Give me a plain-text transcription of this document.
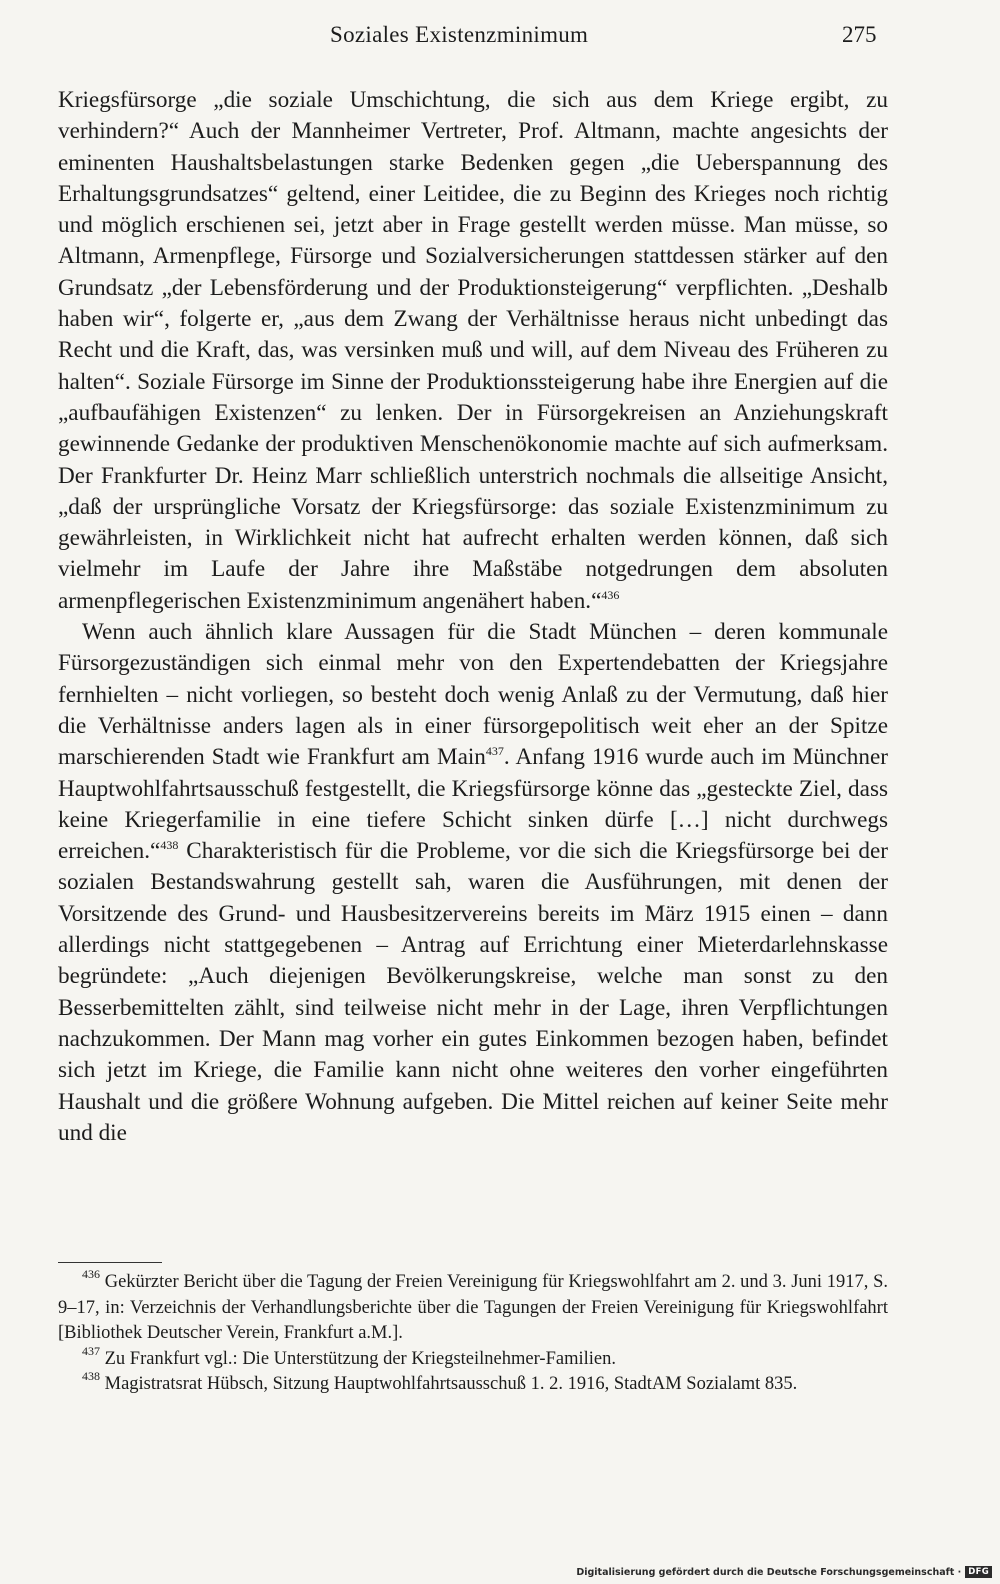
Soziales Existenzminimum	275

Kriegsfürsorge „die soziale Umschichtung, die sich aus dem Kriege ergibt, zu verhindern?“ Auch der Mannheimer Vertreter, Prof. Altmann, machte angesichts der eminenten Haushaltsbelastungen starke Bedenken gegen „die Ueberspannung des Erhaltungsgrundsatzes“ geltend, einer Leitidee, die zu Beginn des Krieges noch richtig und möglich erschienen sei, jetzt aber in Frage gestellt werden müsse. Man müsse, so Altmann, Armenpflege, Fürsorge und Sozialversicherungen stattdessen stärker auf den Grundsatz „der Lebensförderung und der Produktionsteigerung“ verpflichten. „Deshalb haben wir“, folgerte er, „aus dem Zwang der Verhältnisse heraus nicht unbedingt das Recht und die Kraft, das, was versinken muß und will, auf dem Niveau des Früheren zu halten“. Soziale Fürsorge im Sinne der Produktionssteigerung habe ihre Energien auf die „aufbaufähigen Existenzen“ zu lenken. Der in Fürsorgekreisen an Anziehungskraft gewinnende Gedanke der produktiven Menschenökonomie machte auf sich aufmerksam. Der Frankfurter Dr. Heinz Marr schließlich unterstrich nochmals die allseitige Ansicht, „daß der ursprüngliche Vorsatz der Kriegsfürsorge: das soziale Existenzminimum zu gewährleisten, in Wirklichkeit nicht hat aufrecht erhalten werden können, daß sich vielmehr im Laufe der Jahre ihre Maßstäbe notgedrungen dem absoluten armenpflegerischen Existenzminimum angenähert haben.“$^{436}$

Wenn auch ähnlich klare Aussagen für die Stadt München – deren kommunale Fürsorgezuständigen sich einmal mehr von den Expertendebatten der Kriegsjahre fernhielten – nicht vorliegen, so besteht doch wenig Anlaß zu der Vermutung, daß hier die Verhältnisse anders lagen als in einer fürsorgepolitisch weit eher an der Spitze marschierenden Stadt wie Frankfurt am Main$^{437}$. Anfang 1916 wurde auch im Münchner Hauptwohlfahrtsausschuß festgestellt, die Kriegsfürsorge könne das „gesteckte Ziel, dass keine Kriegerfamilie in eine tiefere Schicht sinken dürfe […] nicht durchwegs erreichen.“$^{438}$ Charakteristisch für die Probleme, vor die sich die Kriegsfürsorge bei der sozialen Bestandswahrung gestellt sah, waren die Ausführungen, mit denen der Vorsitzende des Grund- und Hausbesitzervereins bereits im März 1915 einen – dann allerdings nicht stattgegebenen – Antrag auf Errichtung einer Mieterdarlehnskasse begründete: „Auch diejenigen Bevölkerungskreise, welche man sonst zu den Besserbemittelten zählt, sind teilweise nicht mehr in der Lage, ihren Verpflichtungen nachzukommen. Der Mann mag vorher ein gutes Einkommen bezogen haben, befindet sich jetzt im Kriege, die Familie kann nicht ohne weiteres den vorher eingeführten Haushalt und die größere Wohnung aufgeben. Die Mittel reichen auf keiner Seite mehr und die

$^{436}$ Gekürzter Bericht über die Tagung der Freien Vereinigung für Kriegswohlfahrt am 2. und 3. Juni 1917, S. 9–17, in: Verzeichnis der Verhandlungsberichte über die Tagungen der Freien Vereinigung für Kriegswohlfahrt [Bibliothek Deutscher Verein, Frankfurt a.M.].

$^{437}$ Zu Frankfurt vgl.: Die Unterstützung der Kriegsteilnehmer-Familien.

$^{438}$ Magistratsrat Hübsch, Sitzung Hauptwohlfahrtsausschuß 1. 2. 1916, StadtAM Sozialamt 835.

Digitalisierung gefördert durch die Deutsche Forschungsgemeinschaft · DFG
